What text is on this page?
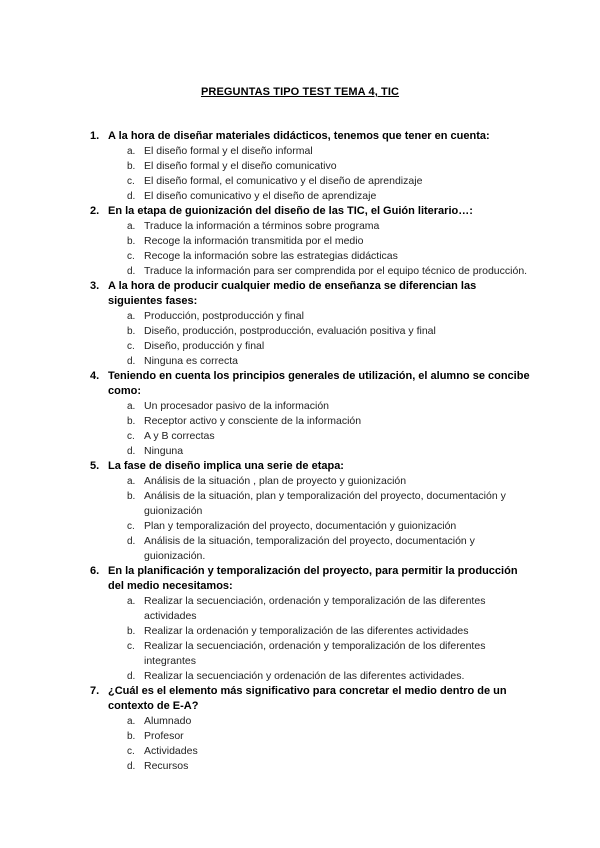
PREGUNTAS TIPO TEST TEMA 4, TIC
1. A la hora de diseñar materiales didácticos, tenemos que tener en cuenta:
a. El diseño formal y el diseño informal
b. El diseño formal y el diseño comunicativo
c. El diseño formal, el comunicativo y el diseño de aprendizaje
d. El diseño comunicativo y el diseño de aprendizaje
2. En la etapa de guionización del diseño de las TIC, el Guión literario…:
a. Traduce la información a términos sobre programa
b. Recoge la información transmitida por el medio
c. Recoge la información sobre las estrategias didácticas
d. Traduce la información para ser comprendida por el equipo técnico de producción.
3. A la hora de producir cualquier medio de enseñanza se diferencian las siguientes fases:
a. Producción, postproducción y final
b. Diseño, producción, postproducción, evaluación positiva y final
c. Diseño, producción y final
d. Ninguna es correcta
4. Teniendo en cuenta los principios generales de utilización, el alumno se concibe como:
a. Un procesador pasivo de la información
b. Receptor activo y consciente de la información
c. A y B correctas
d. Ninguna
5. La fase de diseño implica una serie de etapa:
a. Análisis de la situación , plan de proyecto y guionización
b. Análisis de la situación, plan y temporalización del proyecto, documentación y guionización
c. Plan y temporalización del proyecto, documentación y guionización
d. Análisis de la situación, temporalización del proyecto, documentación y guionización.
6. En la planificación y temporalización del proyecto, para permitir la producción del medio necesitamos:
a. Realizar la secuenciación, ordenación y temporalización de las diferentes actividades
b. Realizar la ordenación y temporalización de las diferentes actividades
c. Realizar la secuenciación, ordenación y temporalización de los diferentes integrantes
d. Realizar la secuenciación y ordenación de las diferentes actividades.
7. ¿Cuál es el elemento más significativo para concretar el medio dentro de un contexto de E-A?
a. Alumnado
b. Profesor
c. Actividades
d. Recursos
